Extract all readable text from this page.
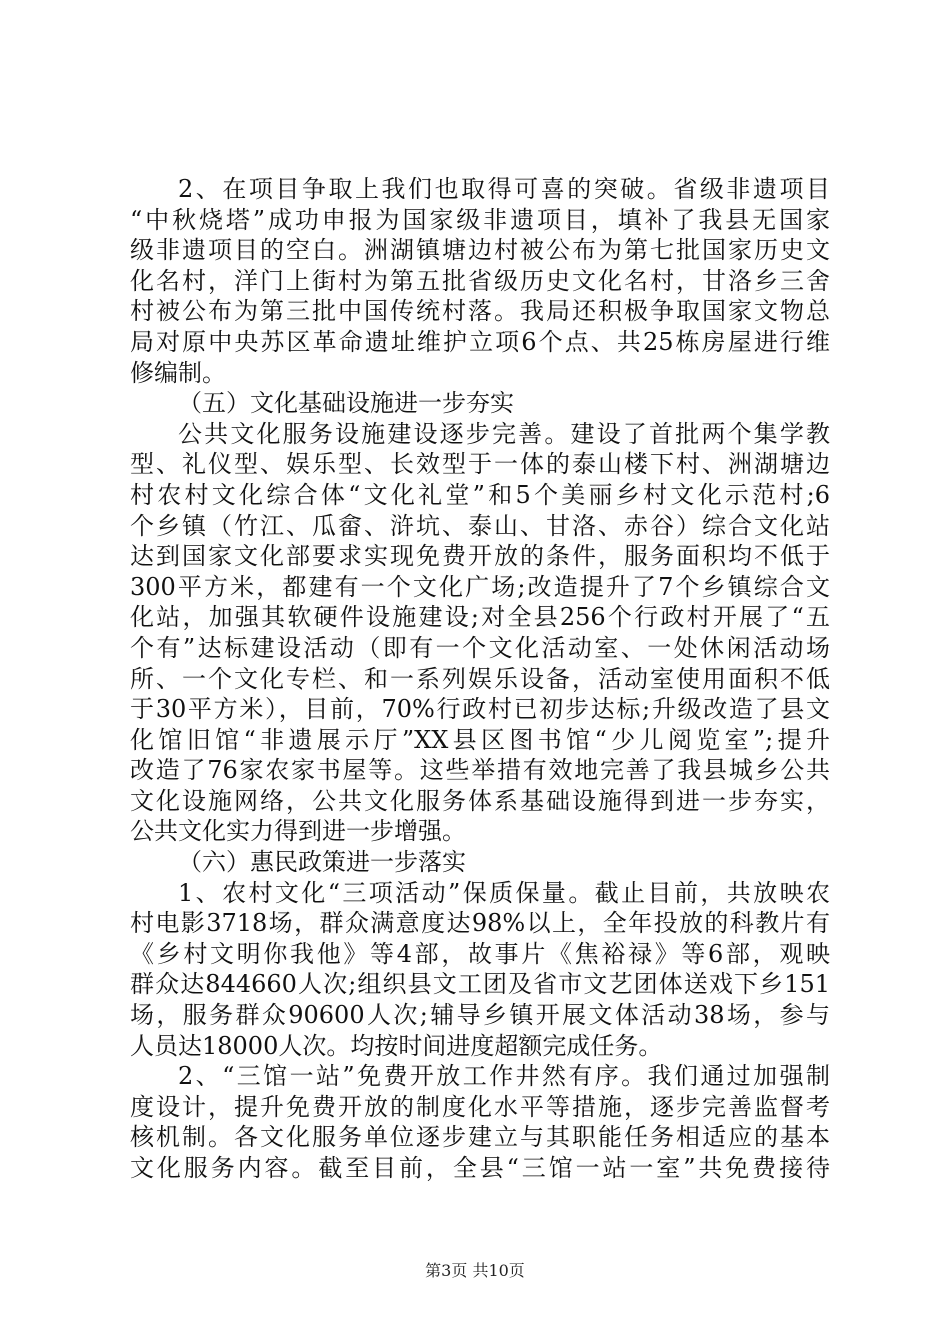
2、在项目争取上我们也取得可喜的突破。省级非遗项目
“中秋烧塔”成功申报为国家级非遗项目，填补了我县无国家
级非遗项目的空白。洲湖镇塘边村被公布为第七批国家历史文
化名村，洋门上街村为第五批省级历史文化名村，甘洛乡三舍
村被公布为第三批中国传统村落。我局还积极争取国家文物总
局对原中央苏区革命遗址维护立项6个点、共25栋房屋进行维
修编制。
（五）文化基础设施进一步夯实
公共文化服务设施建设逐步完善。建设了首批两个集学教
型、礼仪型、娱乐型、长效型于一体的泰山楼下村、洲湖塘边
村农村文化综合体“文化礼堂”和5个美丽乡村文化示范村;6
个乡镇（竹江、瓜畲、浒坑、泰山、甘洛、赤谷）综合文化站
达到国家文化部要求实现免费开放的条件，服务面积均不低于
300平方米，都建有一个文化广场;改造提升了7个乡镇综合文
化站，加强其软硬件设施建设;对全县256个行政村开展了“五
个有”达标建设活动（即有一个文化活动室、一处休闲活动场
所、一个文化专栏、和一系列娱乐设备，活动室使用面积不低
于30平方米），目前，70%行政村已初步达标;升级改造了县文
化馆旧馆“非遗展示厅”XX县区图书馆“少儿阅览室”;提升
改造了76家农家书屋等。这些举措有效地完善了我县城乡公共
文化设施网络，公共文化服务体系基础设施得到进一步夯实，
公共文化实力得到进一步增强。
（六）惠民政策进一步落实
1、农村文化“三项活动”保质保量。截止目前，共放映农
村电影3718场，群众满意度达98%以上，全年投放的科教片有
《乡村文明你我他》等4部，故事片《焦裕禄》等6部，观映
群众达844660人次;组织县文工团及省市文艺团体送戏下乡151
场，服务群众90600人次;辅导乡镇开展文体活动38场，参与
人员达18000人次。均按时间进度超额完成任务。
2、“三馆一站”免费开放工作井然有序。我们通过加强制
度设计，提升免费开放的制度化水平等措施，逐步完善监督考
核机制。各文化服务单位逐步建立与其职能任务相适应的基本
文化服务内容。截至目前，全县“三馆一站一室”共免费接待
第3页 共10页
